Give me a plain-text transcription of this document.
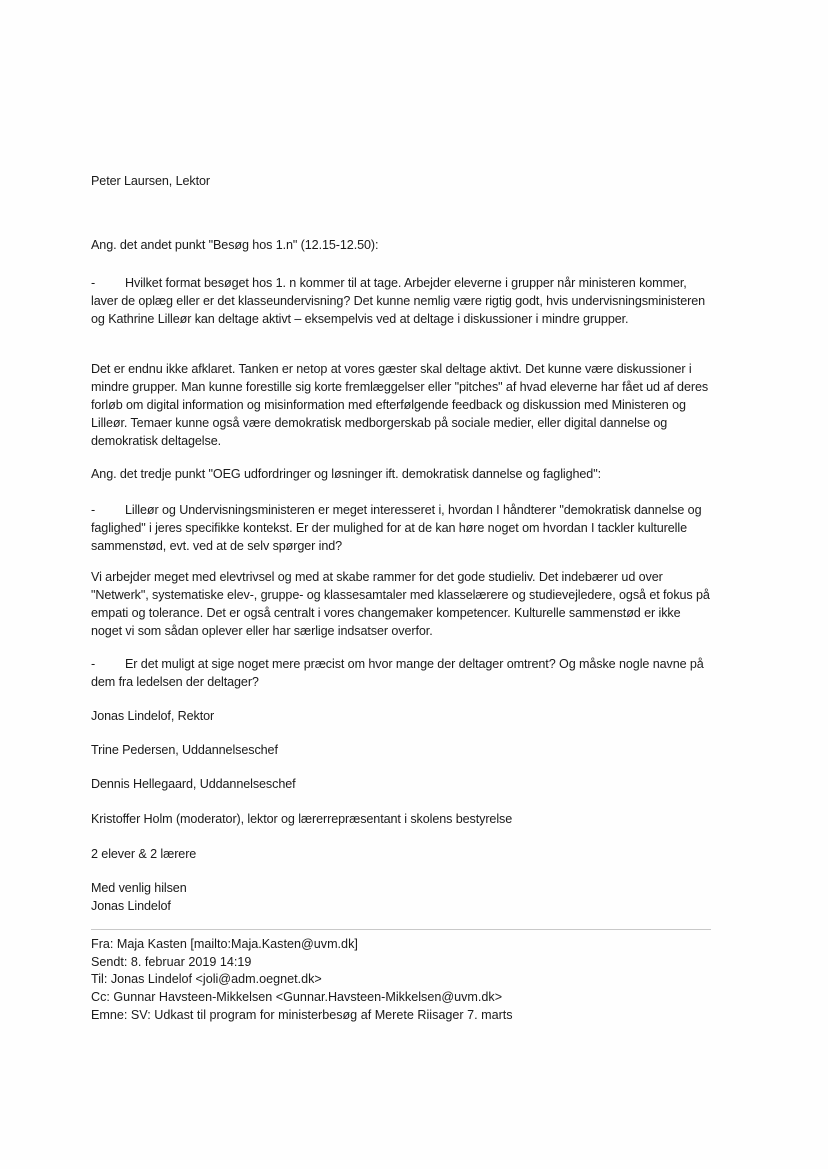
Peter Laursen, Lektor
Ang. det andet punkt "Besøg hos 1.n" (12.15-12.50):
-	Hvilket format besøget hos 1. n kommer til at tage. Arbejder eleverne i grupper når ministeren kommer, laver de oplæg eller er det klasseundervisning? Det kunne nemlig være rigtig godt, hvis undervisningsministeren og Kathrine Lilleør kan deltage aktivt – eksempelvis ved at deltage i diskussioner i mindre grupper.
Det er endnu ikke afklaret. Tanken er netop at vores gæster skal deltage aktivt. Det kunne være diskussioner i mindre grupper. Man kunne forestille sig korte fremlæggelser eller "pitches" af hvad eleverne har fået ud af deres forløb om digital information og misinformation med efterfølgende feedback og diskussion med Ministeren og Lilleør. Temaer kunne også være demokratisk medborgerskab på sociale medier, eller digital dannelse og demokratisk deltagelse.
Ang. det tredje punkt "OEG udfordringer og løsninger ift. demokratisk dannelse og faglighed":
-	Lilleør og Undervisningsministeren er meget interesseret i, hvordan I håndterer "demokratisk dannelse og faglighed" i jeres specifikke kontekst. Er der mulighed for at de kan høre noget om hvordan I tackler kulturelle sammenstød, evt. ved at de selv spørger ind?
Vi arbejder meget med elevtrivsel og med at skabe rammer for det gode studieliv. Det indebærer ud over "Netwerk", systematiske elev-, gruppe- og klassesamtaler med klasselærere og studievejledere, også et fokus på empati og tolerance. Det er også centralt i vores changemaker kompetencer. Kulturelle sammenstød er ikke noget vi som sådan oplever eller har særlige indsatser overfor.
-	Er det muligt at sige noget mere præcist om hvor mange der deltager omtrent? Og måske nogle navne på dem fra ledelsen der deltager?
Jonas Lindelof, Rektor
Trine Pedersen, Uddannelseschef
Dennis Hellegaard, Uddannelseschef
Kristoffer Holm (moderator), lektor og lærerrepræsentant i skolens bestyrelse
2 elever & 2 lærere
Med venlig hilsen
Jonas Lindelof
Fra: Maja Kasten [mailto:Maja.Kasten@uvm.dk]
Sendt: 8. februar 2019 14:19
Til: Jonas Lindelof <joli@adm.oegnet.dk>
Cc: Gunnar Havsteen-Mikkelsen <Gunnar.Havsteen-Mikkelsen@uvm.dk>
Emne: SV: Udkast til program for ministerbesøg af Merete Riisager 7. marts
